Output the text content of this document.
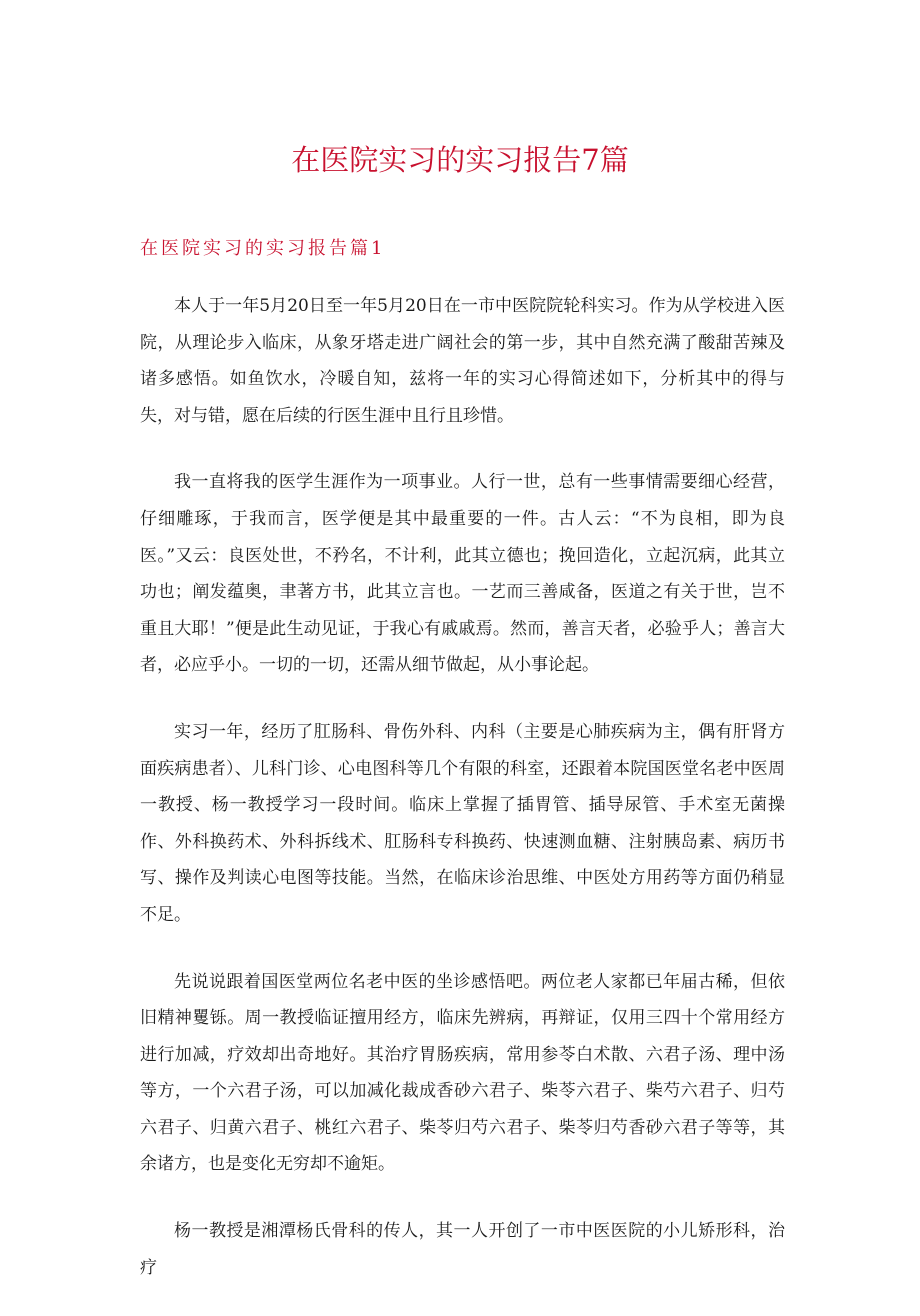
在医院实习的实习报告7篇
在医院实习的实习报告篇1

本人于一年5月20日至一年5月20日在一市中医院院轮科实习。作为从学校进入医院，从理论步入临床，从象牙塔走进广阔社会的第一步，其中自然充满了酸甜苦辣及诸多感悟。如鱼饮水，冷暖自知，兹将一年的实习心得简述如下，分析其中的得与失，对与错，愿在后续的行医生涯中且行且珍惜。

我一直将我的医学生涯作为一项事业。人行一世，总有一些事情需要细心经营，仔细雕琢，于我而言，医学便是其中最重要的一件。古人云：“不为良相，即为良医。”又云：良医处世，不矜名，不计利，此其立德也；挽回造化，立起沉病，此其立功也；阐发蕴奥，聿著方书，此其立言也。一艺而三善咸备，医道之有关于世，岂不重且大耶！”便是此生动见证，于我心有戚戚焉。然而，善言天者，必验乎人；善言大者，必应乎小。一切的一切，还需从细节做起，从小事论起。

实习一年，经历了肛肠科、骨伤外科、内科（主要是心肺疾病为主，偶有肝肾方面疾病患者）、儿科门诊、心电图科等几个有限的科室，还跟着本院国医堂名老中医周一教授、杨一教授学习一段时间。临床上掌握了插胃管、插导尿管、手术室无菌操作、外科换药术、外科拆线术、肛肠科专科换药、快速测血糖、注射胰岛素、病历书写、操作及判读心电图等技能。当然，在临床诊治思维、中医处方用药等方面仍稍显不足。

先说说跟着国医堂两位名老中医的坐诊感悟吧。两位老人家都已年届古稀，但依旧精神矍铄。周一教授临证擅用经方，临床先辨病，再辩证，仅用三四十个常用经方进行加减，疗效却出奇地好。其治疗胃肠疾病，常用参苓白术散、六君子汤、理中汤等方，一个六君子汤，可以加减化裁成香砂六君子、柴苓六君子、柴芍六君子、归芍六君子、归黄六君子、桃红六君子、柴苓归芍六君子、柴苓归芍香砂六君子等等，其余诸方，也是变化无穷却不逾矩。

杨一教授是湘潭杨氏骨科的传人，其一人开创了一市中医医院的小儿矫形科，治疗
